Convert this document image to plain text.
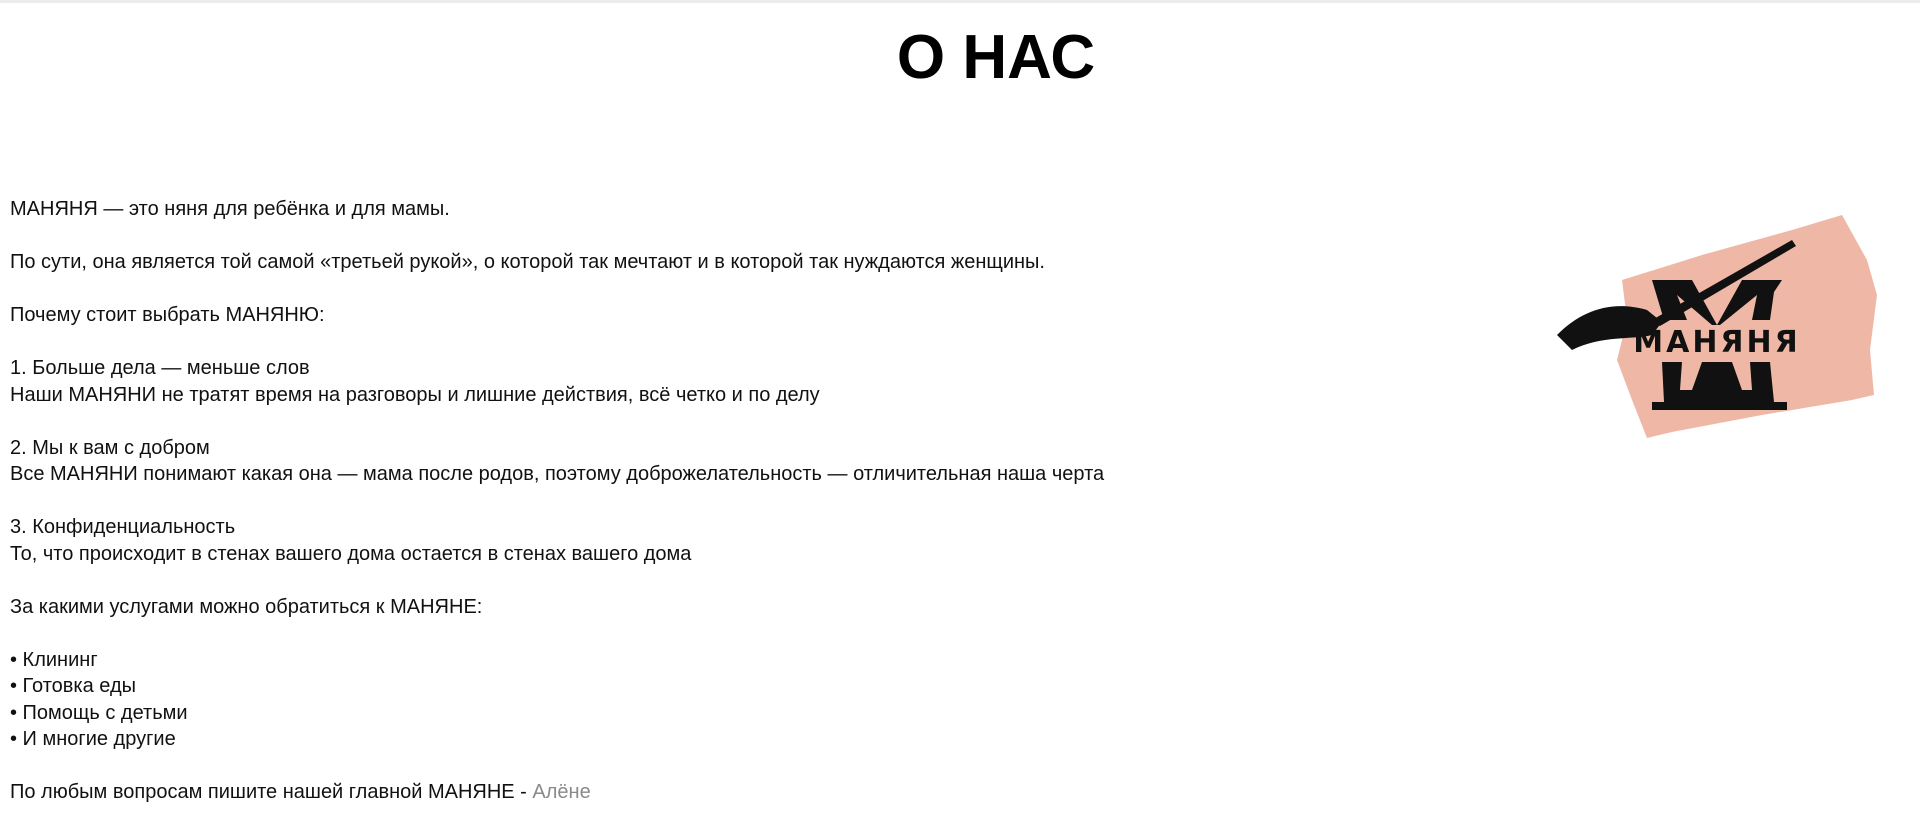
О НАС

МАНЯНЯ — это няня для ребёнка и для мамы.

По сути, она является той самой «третьей рукой», о которой так мечтают и в которой так нуждаются женщины.

Почему стоит выбрать МАНЯНЮ:

1. Больше дела — меньше слов
Наши МАНЯНИ не тратят время на разговоры и лишние действия, всё четко и по делу

2. Мы к вам с добром
Все МАНЯНИ понимают какая она — мама после родов, поэтому доброжелательность — отличительная наша черта

3. Конфиденциальность
То, что происходит в стенах вашего дома остается в стенах вашего дома

За какими услугами можно обратиться к МАНЯНЕ:

• Клининг
• Готовка еды
• Помощь с детьми
• И многие другие

По любым вопросам пишите нашей главной МАНЯНЕ - Алёне

МАНЯНЯ
